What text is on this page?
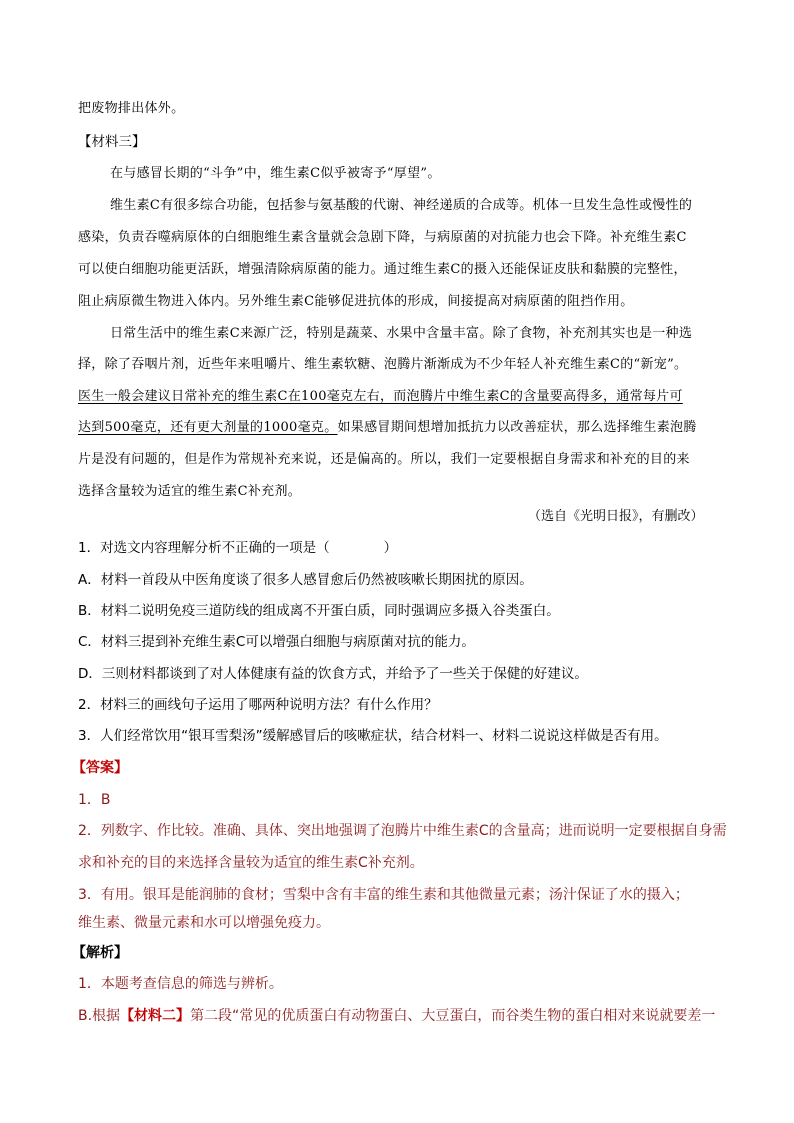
把废物排出体外。
【材料三】
在与感冒长期的“斗争”中，维生素C似乎被寄予“厚望”。
维生素C有很多综合功能，包括参与氨基酸的代谢、神经递质的合成等。机体一旦发生急性或慢性的
感染，负责吞噬病原体的白细胞维生素含量就会急剧下降，与病原菌的对抗能力也会下降。补充维生素C
可以使白细胞功能更活跃，增强清除病原菌的能力。通过维生素C的摄入还能保证皮肤和黏膜的完整性，
阻止病原微生物进入体内。另外维生素C能够促进抗体的形成，间接提高对病原菌的阻挡作用。
日常生活中的维生素C来源广泛，特别是蔬菜、水果中含量丰富。除了食物，补充剂其实也是一种选
择，除了吞咽片剂，近些年来咀嚼片、维生素软糖、泡腾片渐渐成为不少年轻人补充维生素C的“新宠”。
医生一般会建议日常补充的维生素C在100毫克左右，而泡腾片中维生素C的含量要高得多，通常每片可
达到500毫克，还有更大剂量的1000毫克。如果感冒期间想增加抵抗力以改善症状，那么选择维生素泡腾
片是没有问题的，但是作为常规补充来说，还是偏高的。所以，我们一定要根据自身需求和补充的目的来
选择含量较为适宜的维生素C补充剂。
（选自《光明日报》，有删改）
1．对选文内容理解分析不正确的一项是（　　　　）
A．材料一首段从中医角度谈了很多人感冒愈后仍然被咳嗽长期困扰的原因。
B．材料二说明免疫三道防线的组成离不开蛋白质，同时强调应多摄入谷类蛋白。
C．材料三提到补充维生素C可以增强白细胞与病原菌对抗的能力。
D．三则材料都谈到了对人体健康有益的饮食方式，并给予了一些关于保健的好建议。
2．材料三的画线句子运用了哪两种说明方法？有什么作用？
3．人们经常饮用“银耳雪梨汤”缓解感冒后的咳嗽症状，结合材料一、材料二说说这样做是否有用。
【答案】
1．B
2．列数字、作比较。准确、具体、突出地强调了泡腾片中维生素C的含量高；进而说明一定要根据自身需
求和补充的目的来选择含量较为适宜的维生素C补充剂。
3．有用。银耳是能润肺的食材；雪梨中含有丰富的维生素和其他微量元素；汤汁保证了水的摄入；
维生素、微量元素和水可以增强免疫力。
【解析】
1．本题考查信息的筛选与辨析。
B.根据【材料二】第二段“常见的优质蛋白有动物蛋白、大豆蛋白，而谷类生物的蛋白相对来说就要差一
